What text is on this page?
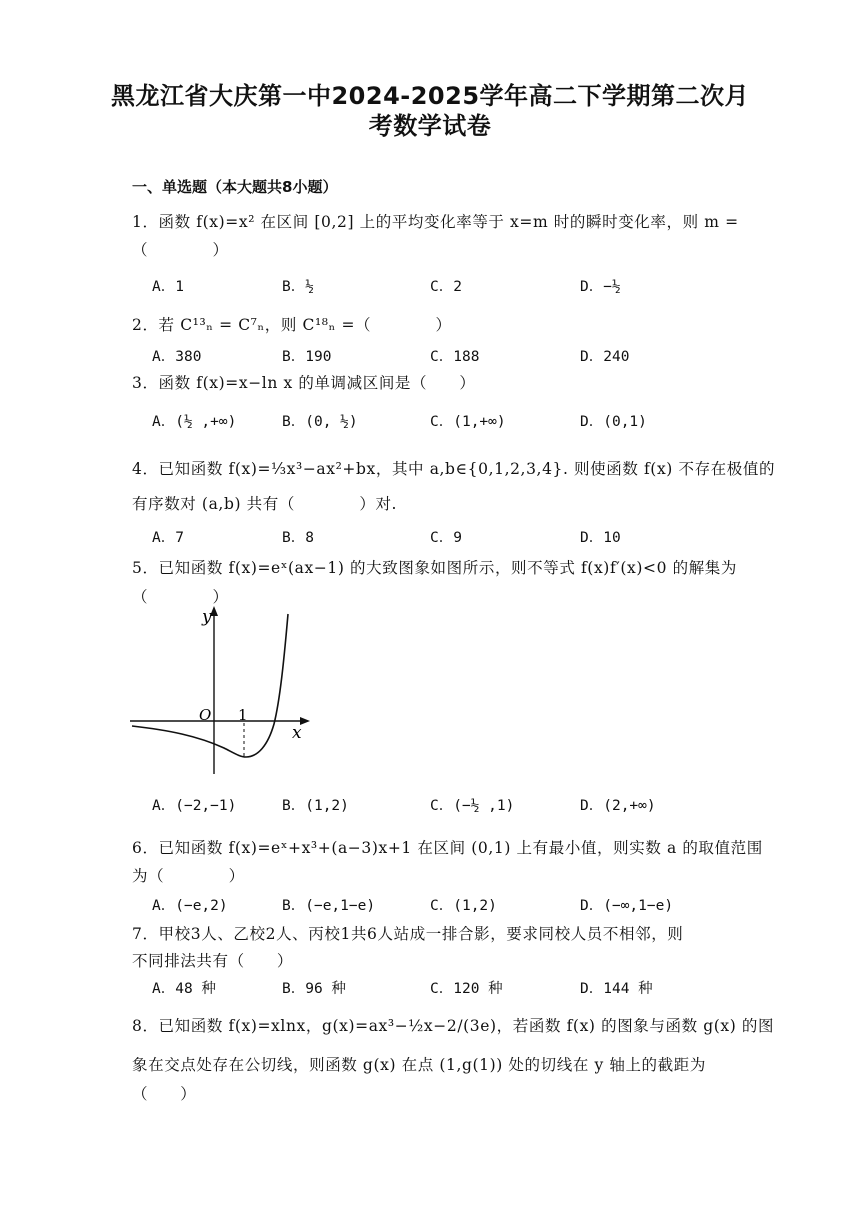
黑龙江省大庆第一中2024-2025学年高二下学期第二次月
考数学试卷
一、单选题（本大题共8小题）
1．函数 f(x)=x² 在区间 [0,2] 上的平均变化率等于 x=m 时的瞬时变化率，则 m =
（　　　　）
A．1	B．½	C．2	D．−½
2．若 C¹³ₙ = C⁷ₙ，则 C¹⁸ₙ =（　　　　）
A．380	B．190	C．188	D．240
3．函数 f(x)=x−ln x 的单调减区间是（　　）
A．(½ ,+∞)	B．(0, ½)	C．(1,+∞)	D．(0,1)
4．已知函数 f(x)=⅓x³−ax²+bx，其中 a,b∈{0,1,2,3,4}. 则使函数 f(x) 不存在极值的
有序数对 (a,b) 共有（　　　　）对.
A．7	B．8	C．9	D．10
5．已知函数 f(x)=eˣ(ax−1) 的大致图象如图所示，则不等式 f(x)f′(x)<0 的解集为
（　　　　）
y
x
O 1
A．(−2,−1)	B．(1,2)	C．(−½ ,1)	D．(2,+∞)
6．已知函数 f(x)=eˣ+x³+(a−3)x+1 在区间 (0,1) 上有最小值，则实数 a 的取值范围
为（　　　　）
A．(−e,2)	B．(−e,1−e)	C．(1,2)	D．(−∞,1−e)
7．甲校3人、乙校2人、丙校1共6人站成一排合影，要求同校人员不相邻，则
不同排法共有（　　）
A．48 种	B．96 种	C．120 种	D．144 种
8．已知函数 f(x)=xlnx，g(x)=ax³−½x−2/(3e)，若函数 f(x) 的图象与函数 g(x) 的图
象在交点处存在公切线，则函数 g(x) 在点 (1,g(1)) 处的切线在 y 轴上的截距为
（　　）
